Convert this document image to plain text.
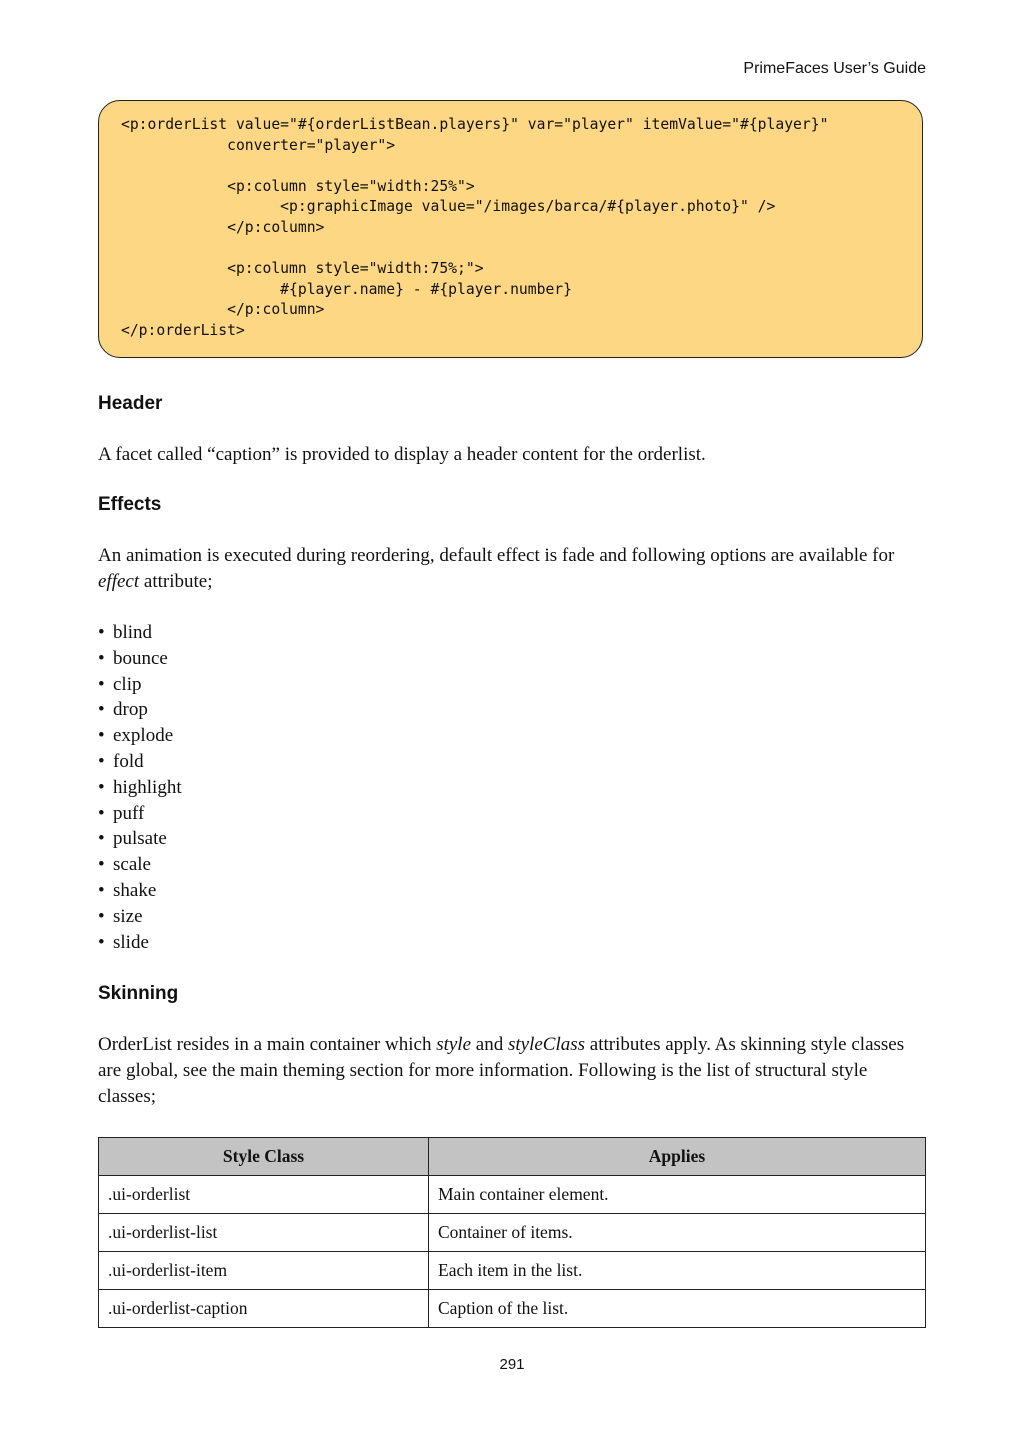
PrimeFaces User’s Guide
<p:orderList value="#{orderListBean.players}" var="player" itemValue="#{player}"
converter="player">

<p:column style="width:25%">
<p:graphicImage value="/images/barca/#{player.photo}" />
</p:column>

<p:column style="width:75%;">
#{player.name} - #{player.number}
</p:column>
</p:orderList>
Header

A facet called “caption” is provided to display a header content for the orderlist.

Effects

An animation is executed during reordering, default effect is fade and following options are available for effect attribute;

• blind
• bounce
• clip
• drop
• explode
• fold
• highlight
• puff
• pulsate
• scale
• shake
• size
• slide
Skinning

OrderList resides in a main container which style and styleClass attributes apply. As skinning style classes are global, see the main theming section for more information. Following is the list of structural style classes;

Style Class	Applies
.ui-orderlist	Main container element.
.ui-orderlist-list	Container of items.
.ui-orderlist-item	Each item in the list.
.ui-orderlist-caption	Caption of the list.
291
